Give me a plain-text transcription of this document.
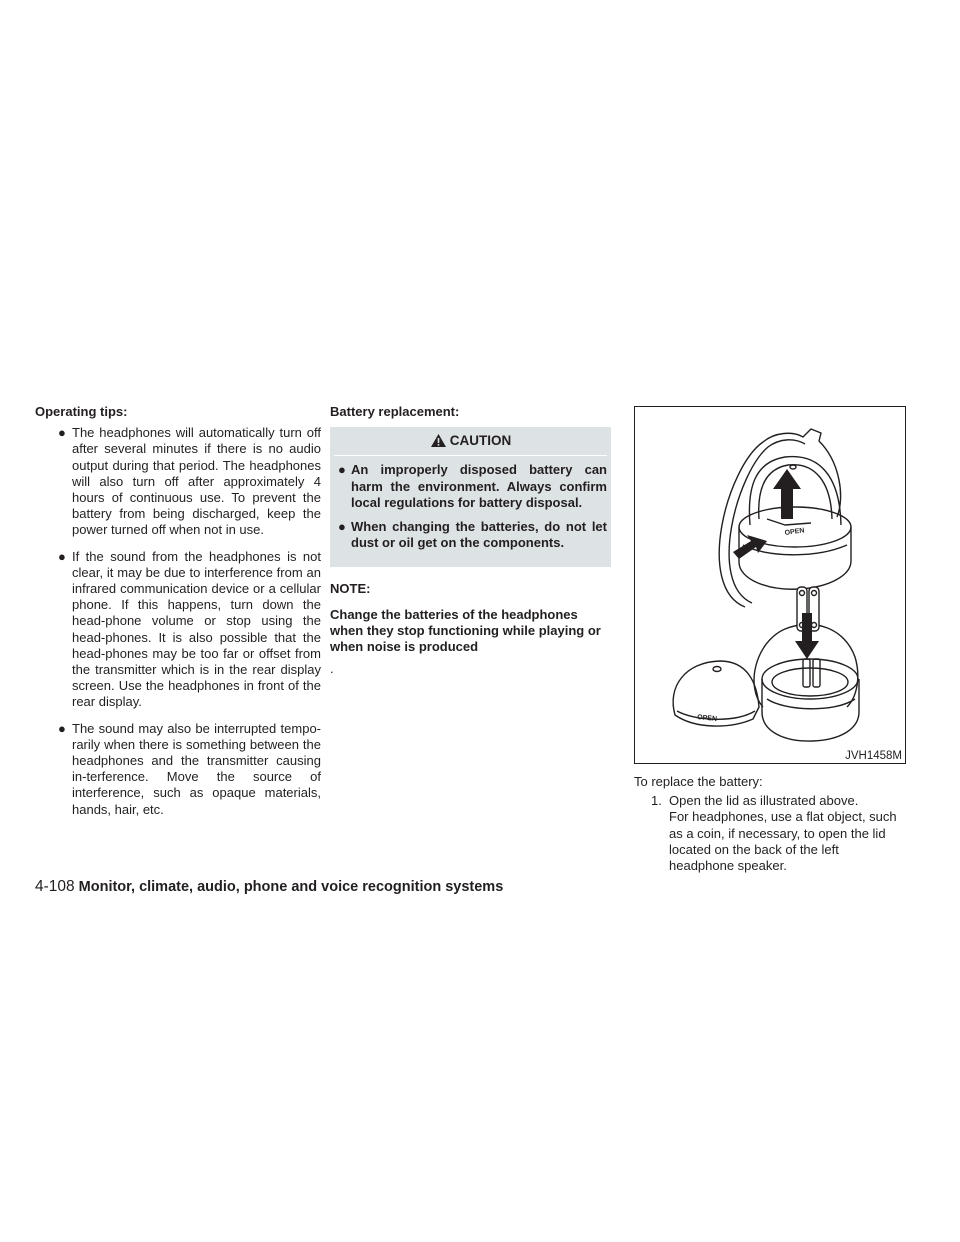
Operating tips:
● The headphones will automatically turn off after several minutes if there is no audio output during that period. The headphones will also turn off after approximately 4 hours of continuous use. To prevent the battery from being discharged, keep the power turned off when not in use.
● If the sound from the headphones is not clear, it may be due to interference from an infrared communication device or a cellular phone. If this happens, turn down the head-phone volume or stop using the head-phones. It is also possible that the head-phones may be too far or offset from the transmitter which is in the rear display screen. Use the headphones in front of the rear display.
● The sound may also be interrupted tempo-rarily when there is something between the headphones and the transmitter causing in-terference. Move the source of interference, such as opaque materials, hands, hair, etc.
Battery replacement:
CAUTION
● An improperly disposed battery can harm the environment. Always confirm local regulations for battery disposal.
● When changing the batteries, do not let dust or oil get on the components.
NOTE:
Change the batteries of the headphones when they stop functioning while playing or when noise is produced
.
OPEN
OPEN
JVH1458M
To replace the battery:
1. Open the lid as illustrated above.
For headphones, use a flat object, such as a coin, if necessary, to open the lid located on the back of the left headphone speaker.
4-108 Monitor, climate, audio, phone and voice recognition systems
